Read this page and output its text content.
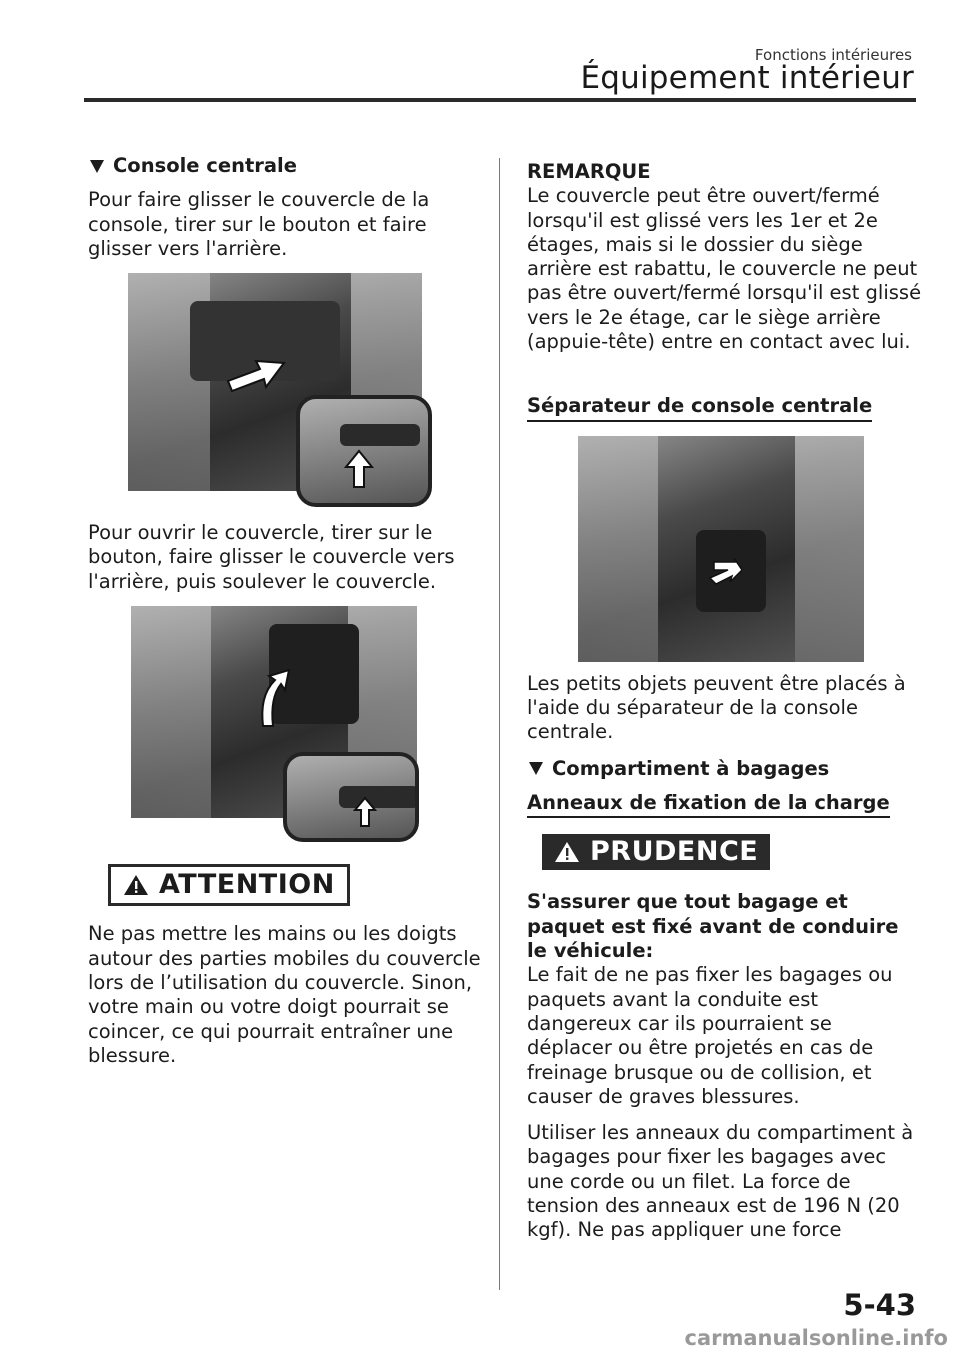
Fonctions intérieures
Équipement intérieur
Console centrale

Pour faire glisser le couvercle de la console, tirer sur le bouton et faire glisser vers l'arrière.

Pour ouvrir le couvercle, tirer sur le bouton, faire glisser le couvercle vers l'arrière, puis soulever le couvercle.

ATTENTION

Ne pas mettre les mains ou les doigts autour des parties mobiles du couvercle lors de l’utilisation du couvercle. Sinon, votre main ou votre doigt pourrait se coincer, ce qui pourrait entraîner une blessure.

REMARQUE

Le couvercle peut être ouvert/fermé lorsqu'il est glissé vers les 1er et 2e étages, mais si le dossier du siège arrière est rabattu, le couvercle ne peut pas être ouvert/fermé lorsqu'il est glissé vers le 2e étage, car le siège arrière (appuie-tête) entre en contact avec lui.

Séparateur de console centrale

Les petits objets peuvent être placés à l'aide du séparateur de la console centrale.

Compartiment à bagages
Anneaux de fixation de la charge
PRUDENCE

S'assurer que tout bagage et paquet est fixé avant de conduire le véhicule:

Le fait de ne pas fixer les bagages ou paquets avant la conduite est dangereux car ils pourraient se déplacer ou être projetés en cas de freinage brusque ou de collision, et causer de graves blessures.

Utiliser les anneaux du compartiment à bagages pour fixer les bagages avec une corde ou un filet. La force de tension des anneaux est de 196 N (20 kgf). Ne pas appliquer une force

5-43
carmanualsonline.info
